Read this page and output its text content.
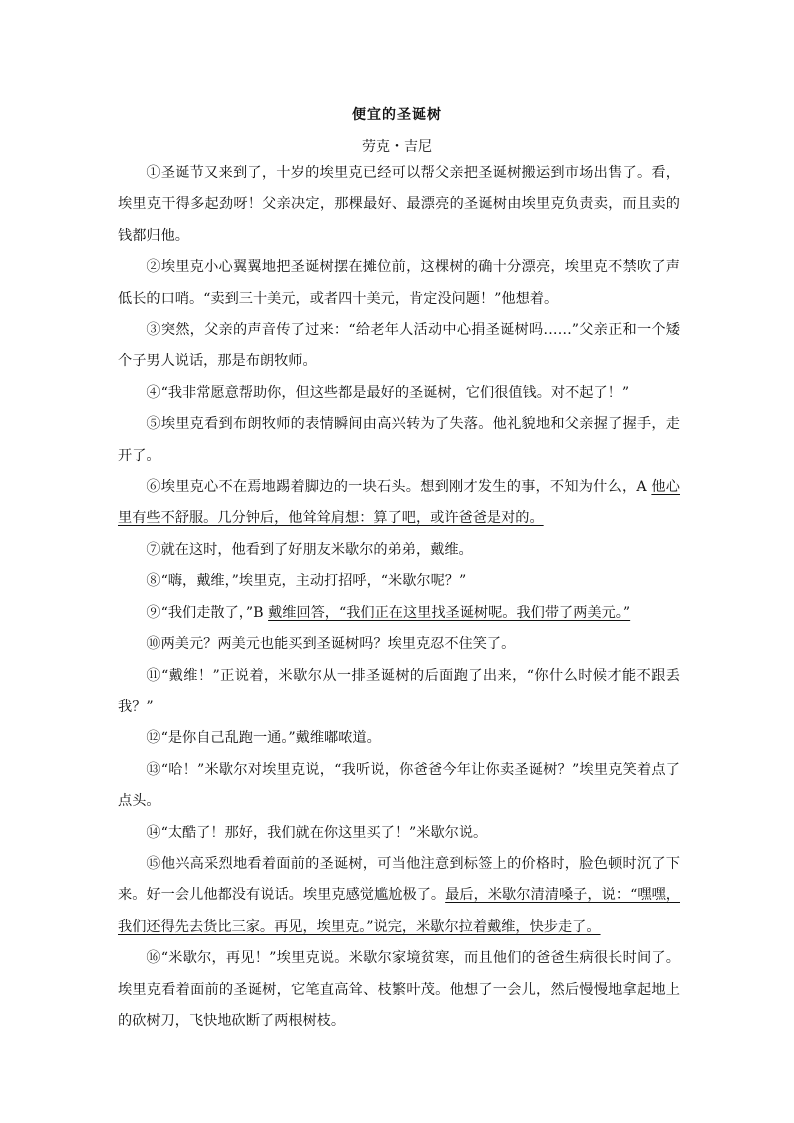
便宜的圣诞树
劳克・吉尼

①圣诞节又来到了，十岁的埃里克已经可以帮父亲把圣诞树搬运到市场出售了。看，埃里克干得多起劲呀！父亲决定，那棵最好、最漂亮的圣诞树由埃里克负责卖，而且卖的钱都归他。

②埃里克小心翼翼地把圣诞树摆在摊位前，这棵树的确十分漂亮，埃里克不禁吹了声低长的口哨。“卖到三十美元，或者四十美元，肯定没问题！”他想着。

③突然，父亲的声音传了过来：“给老年人活动中心捐圣诞树吗……”父亲正和一个矮个子男人说话，那是布朗牧师。

④“我非常愿意帮助你，但这些都是最好的圣诞树，它们很值钱。对不起了！”

⑤埃里克看到布朗牧师的表情瞬间由高兴转为了失落。他礼貌地和父亲握了握手，走开了。

⑥埃里克心不在焉地踢着脚边的一块石头。想到刚才发生的事，不知为什么，A 他心里有些不舒服。几分钟后，他耸耸肩想：算了吧，或许爸爸是对的。

⑦就在这时，他看到了好朋友米歇尔的弟弟，戴维。

⑧“嗨，戴维，”埃里克，主动打招呼，“米歇尔呢？”

⑨“我们走散了，”B 戴维回答，“我们正在这里找圣诞树呢。我们带了两美元。”

⑩两美元？两美元也能买到圣诞树吗？埃里克忍不住笑了。

⑪“戴维！”正说着，米歇尔从一排圣诞树的后面跑了出来，“你什么时候才能不跟丢我？”

⑫“是你自己乱跑一通。”戴维嘟哝道。

⑬“哈！”米歇尔对埃里克说，“我听说，你爸爸今年让你卖圣诞树？”埃里克笑着点了点头。

⑭“太酷了！那好，我们就在你这里买了！”米歇尔说。

⑮他兴高采烈地看着面前的圣诞树，可当他注意到标签上的价格时，脸色顿时沉了下来。好一会儿他都没有说话。埃里克感觉尴尬极了。最后，米歇尔清清嗓子，说：“嘿嘿，我们还得先去货比三家。再见，埃里克。”说完，米歇尔拉着戴维，快步走了。

⑯“米歇尔，再见！”埃里克说。米歇尔家境贫寒，而且他们的爸爸生病很长时间了。埃里克看着面前的圣诞树，它笔直高耸、枝繁叶茂。他想了一会儿，然后慢慢地拿起地上的砍树刀，飞快地砍断了两根树枝。
